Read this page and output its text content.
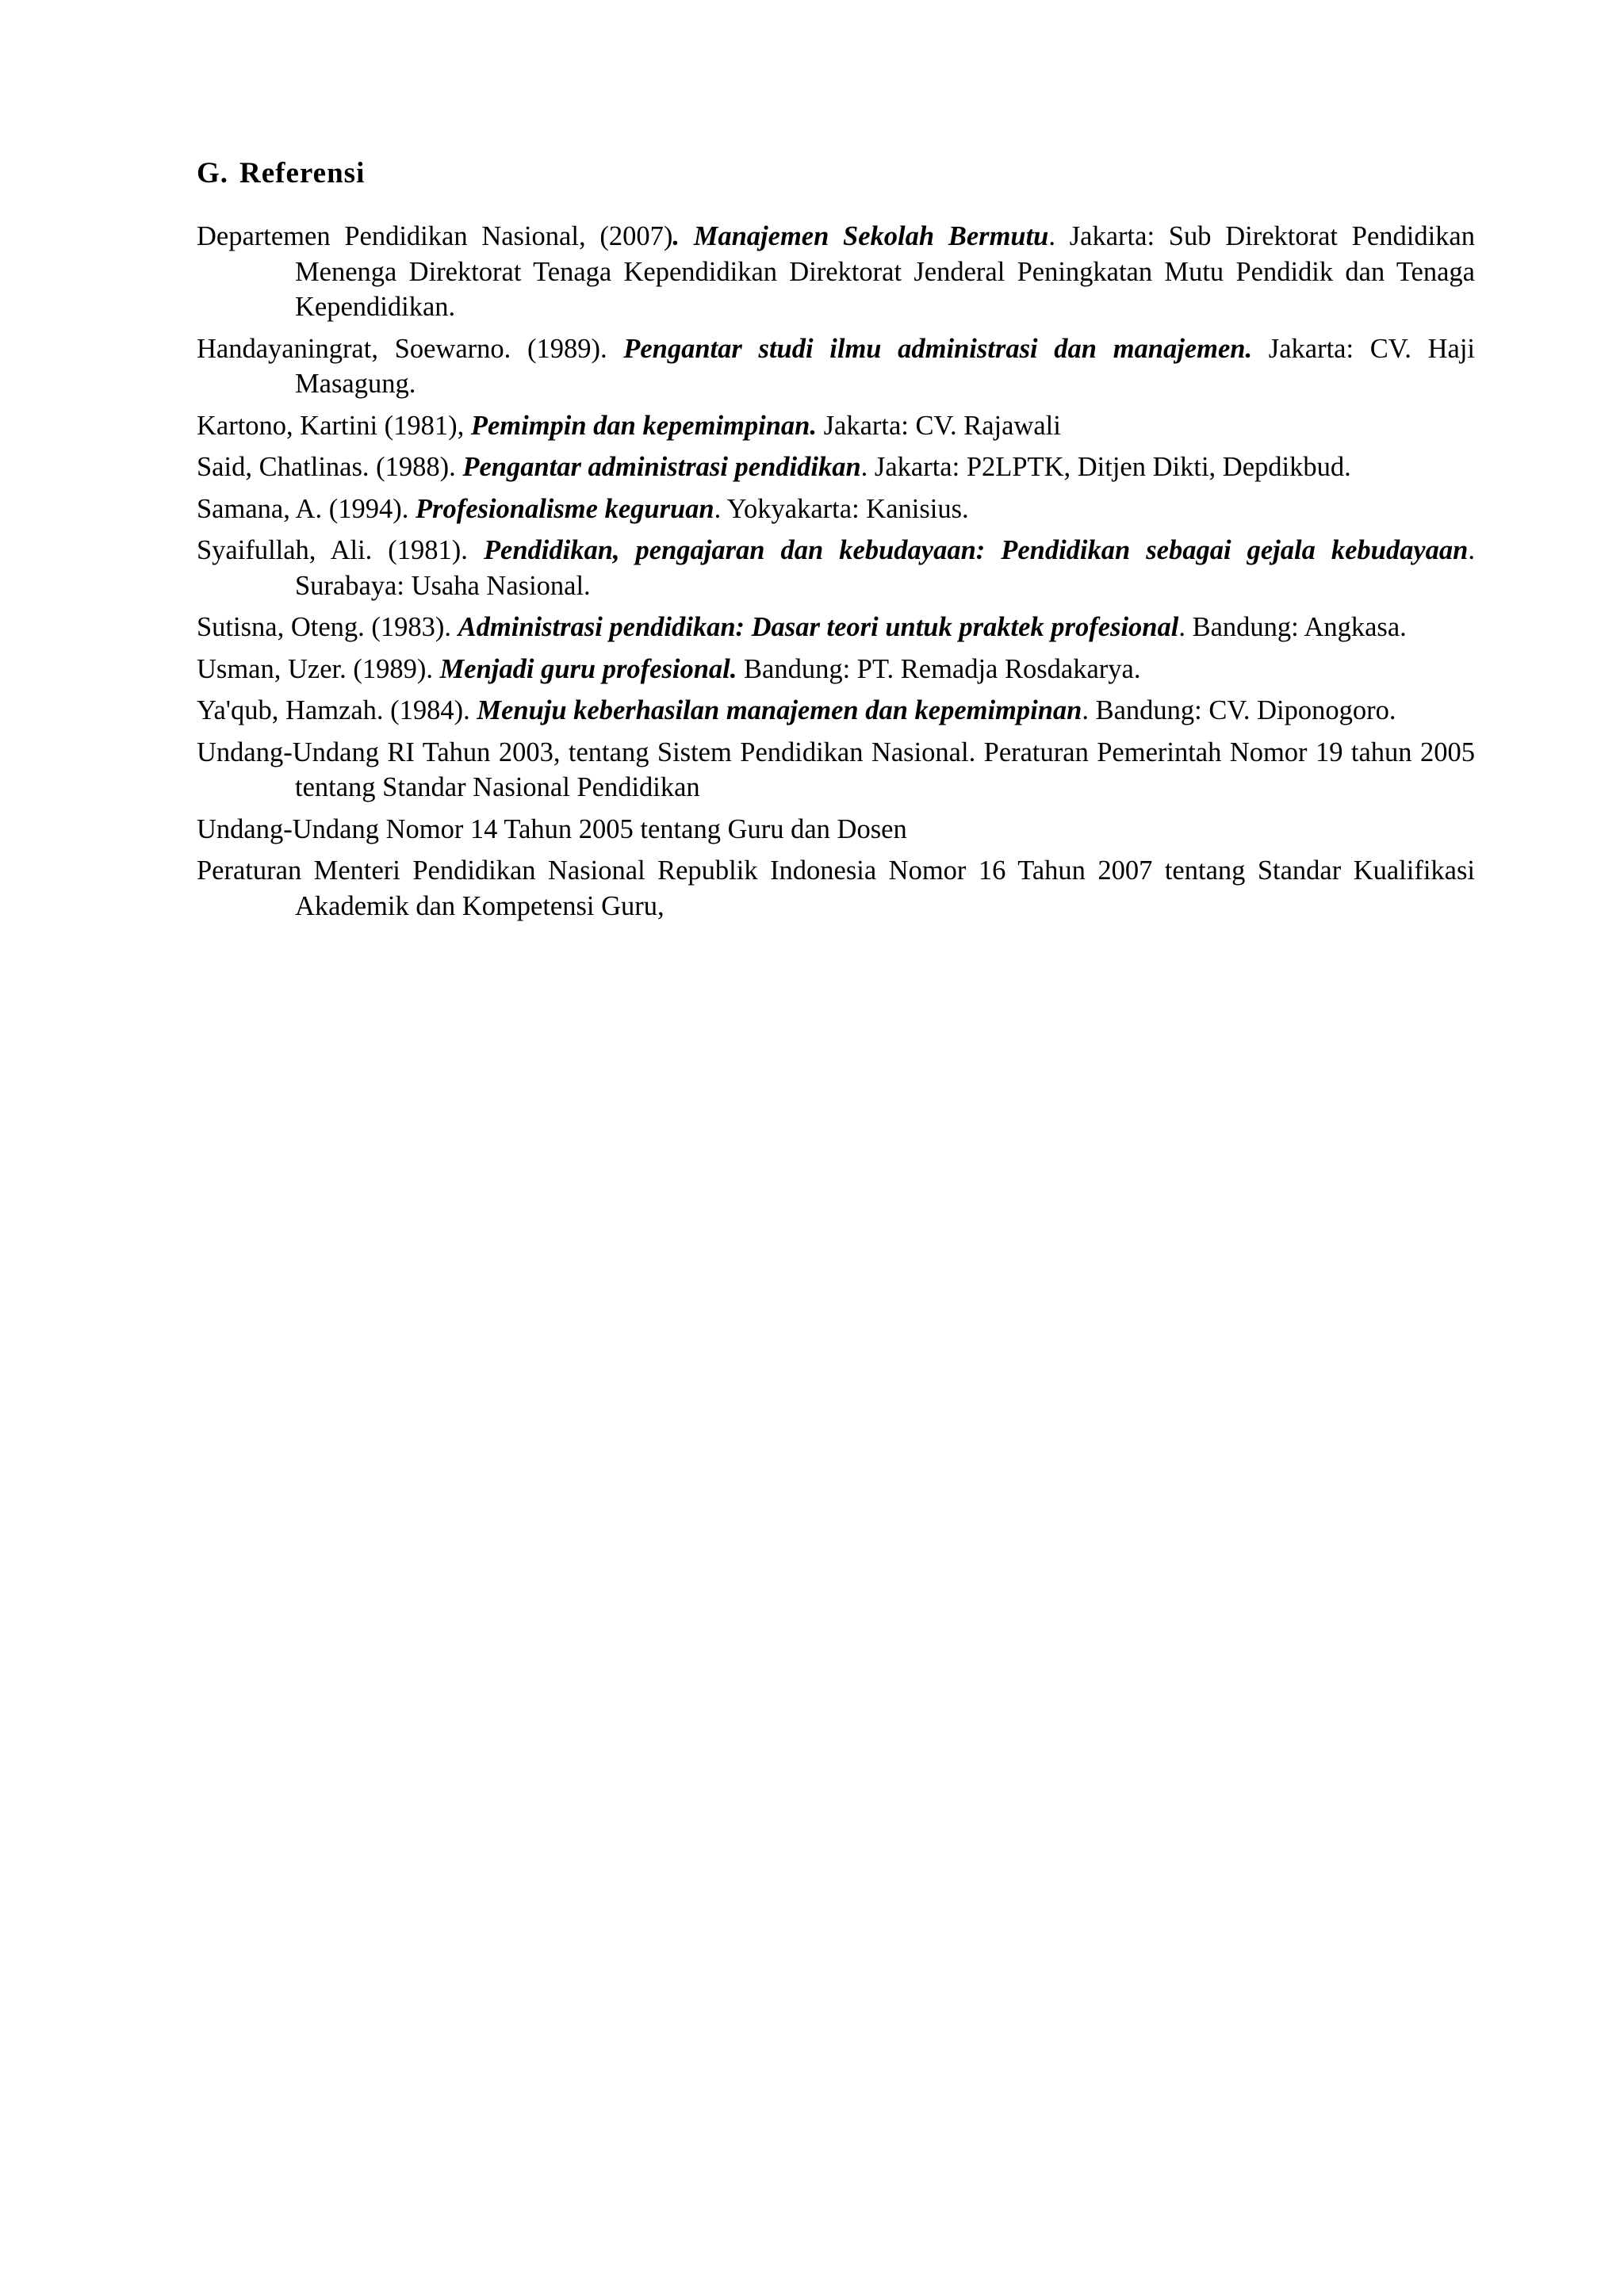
G. Referensi
Departemen Pendidikan Nasional, (2007). Manajemen Sekolah Bermutu. Jakarta: Sub Direktorat Pendidikan Menenga Direktorat Tenaga Kependidikan Direktorat Jenderal Peningkatan Mutu Pendidik dan Tenaga Kependidikan.
Handayaningrat, Soewarno. (1989). Pengantar studi ilmu administrasi dan manajemen. Jakarta: CV. Haji Masagung.
Kartono, Kartini (1981), Pemimpin dan kepemimpinan. Jakarta: CV. Rajawali
Said, Chatlinas. (1988). Pengantar administrasi pendidikan. Jakarta: P2LPTK, Ditjen Dikti, Depdikbud.
Samana, A. (1994). Profesionalisme keguruan. Yokyakarta: Kanisius.
Syaifullah, Ali. (1981). Pendidikan, pengajaran dan kebudayaan: Pendidikan sebagai gejala kebudayaan. Surabaya: Usaha Nasional.
Sutisna, Oteng. (1983). Administrasi pendidikan: Dasar teori untuk praktek profesional. Bandung: Angkasa.
Usman, Uzer. (1989). Menjadi guru profesional. Bandung: PT. Remadja Rosdakarya.
Ya'qub, Hamzah. (1984). Menuju keberhasilan manajemen dan kepemimpinan. Bandung: CV. Diponogoro.
Undang-Undang RI Tahun 2003, tentang Sistem Pendidikan Nasional. Peraturan Pemerintah Nomor 19 tahun 2005 tentang Standar Nasional Pendidikan
Undang-Undang Nomor 14 Tahun 2005 tentang Guru dan Dosen
Peraturan Menteri Pendidikan Nasional Republik Indonesia Nomor 16 Tahun 2007 tentang Standar Kualifikasi Akademik dan Kompetensi Guru,
